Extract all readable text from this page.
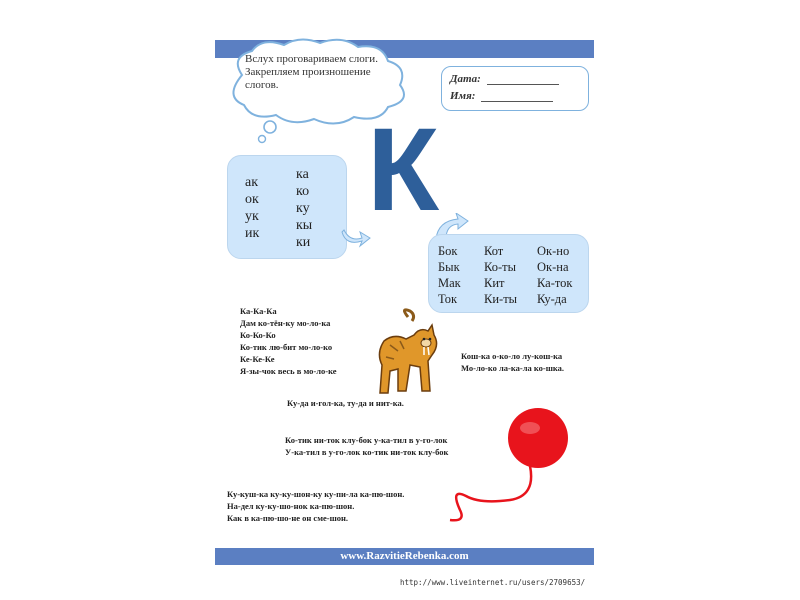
Вслух проговариваем слоги.
Закрепляем произношение
слогов.	Дата:
Имя:
К
ак
ок
ук
ик
ка
ко
ку
кы
ки
Бок
Бык
Мак
Ток
Кот
Ко-ты
Кит
Ки-ты
Ок-но
Ок-на
Ка-ток
Ку-да
Ка-Ка-Ка
Дам ко-тён-ку мо-ло-ка
Ко-Ко-Ко
Ко-тик лю-бит мо-ло-ко
Ке-Ке-Ке
Я-зы-чок весь в мо-ло-ке
Кош-ка о-ко-ло лу-кош-ка
Мо-ло-ко ла-ка-ла ко-шка.
Ку-да и-гол-ка, ту-да и нит-ка.
Ко-тик ни-ток клу-бок у-ка-тил в у-го-лок
У-ка-тил в у-го-лок ко-тик ни-ток клу-бок
Ку-куш-ка ку-ку-шон-ку ку-пи-ла ка-пю-шон.
На-дел ку-ку-шо-нок ка-пю-шон.
Как в ка-пю-шо-не он сме-шон.
www.RazvitieRebenka.com
http://www.liveinternet.ru/users/2709653/
